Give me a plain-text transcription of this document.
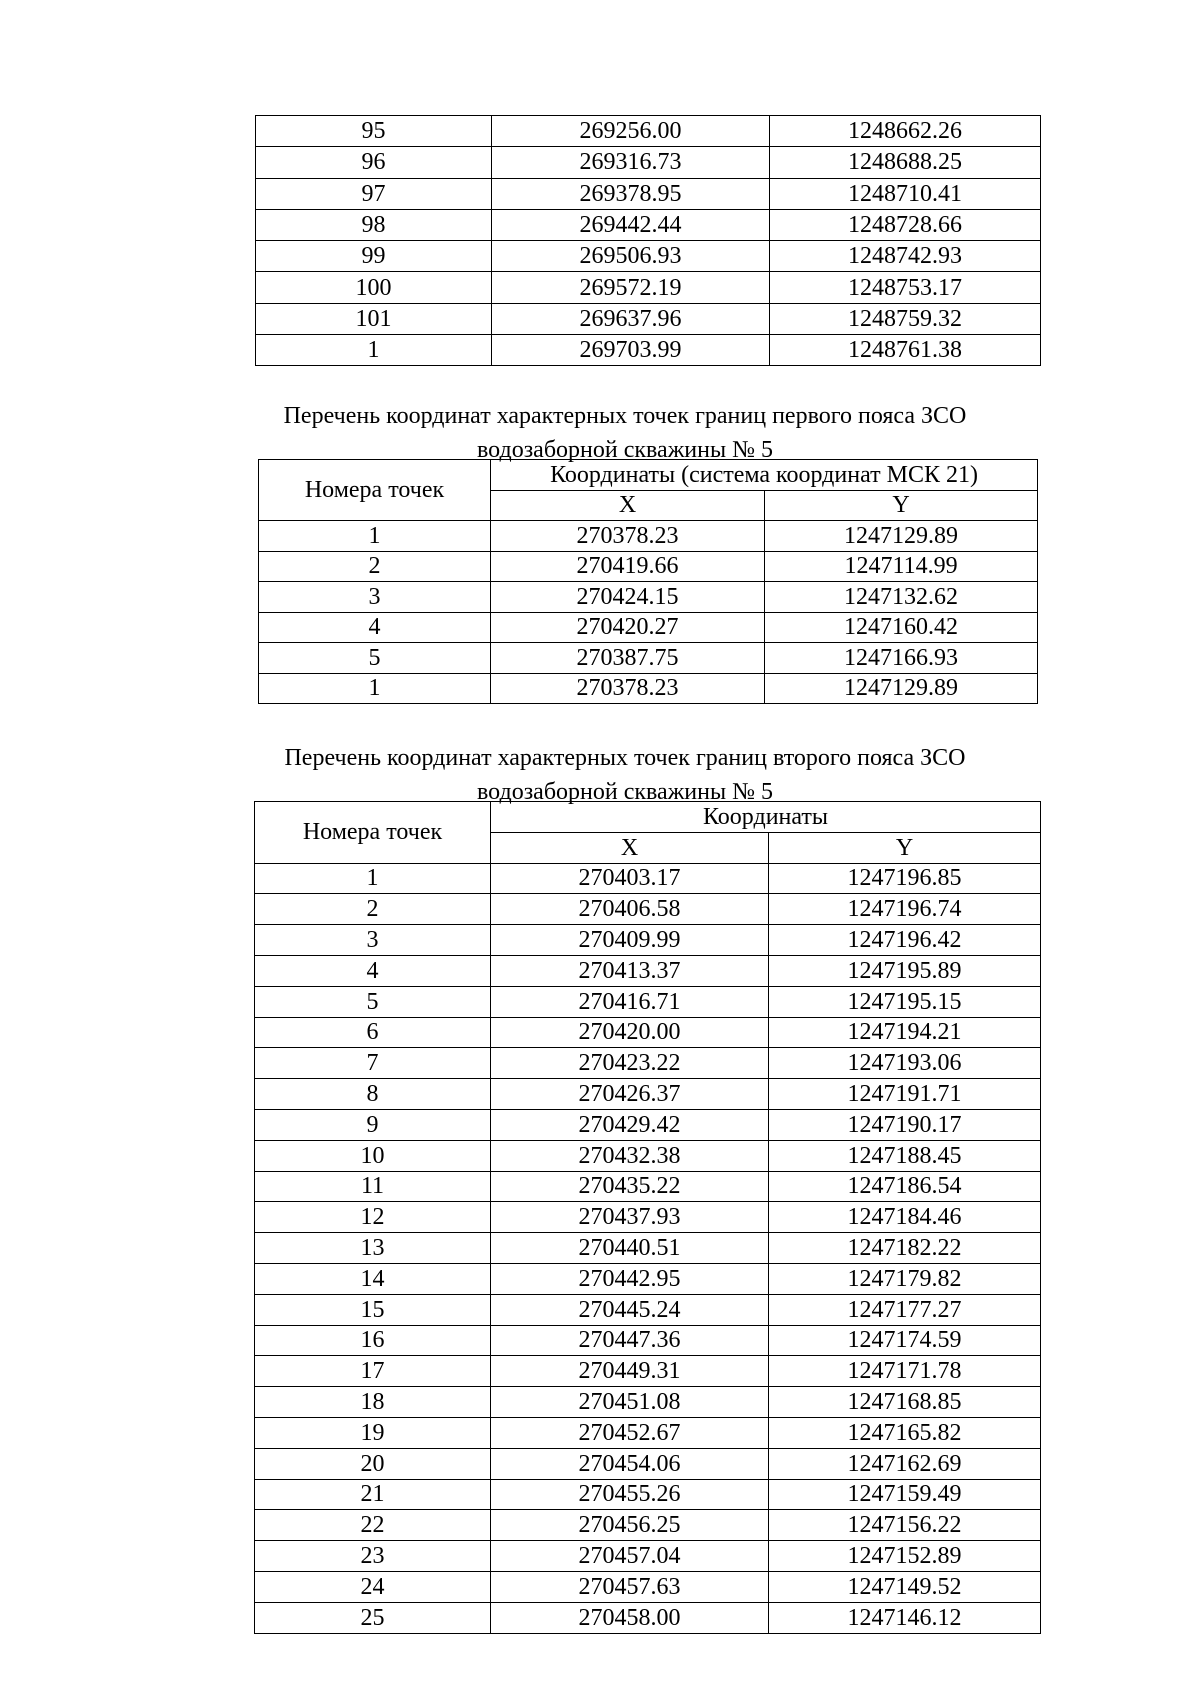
95	269256.00	1248662.26
96	269316.73	1248688.25
97	269378.95	1248710.41
98	269442.44	1248728.66
99	269506.93	1248742.93
100	269572.19	1248753.17
101	269637.96	1248759.32
1	269703.99	1248761.38
Перечень координат характерных точек границ первого пояса ЗСО
водозаборной скважины № 5
Номера точек	Координаты (система координат МСК 21)	
	X	Y
1	270378.23	1247129.89
2	270419.66	1247114.99
3	270424.15	1247132.62
4	270420.27	1247160.42
5	270387.75	1247166.93
1	270378.23	1247129.89
Перечень координат характерных точек границ второго пояса ЗСО
водозаборной скважины № 5
Номера точек	Координаты	
	X	Y
1	270403.17	1247196.85
2	270406.58	1247196.74
3	270409.99	1247196.42
4	270413.37	1247195.89
5	270416.71	1247195.15
6	270420.00	1247194.21
7	270423.22	1247193.06
8	270426.37	1247191.71
9	270429.42	1247190.17
10	270432.38	1247188.45
11	270435.22	1247186.54
12	270437.93	1247184.46
13	270440.51	1247182.22
14	270442.95	1247179.82
15	270445.24	1247177.27
16	270447.36	1247174.59
17	270449.31	1247171.78
18	270451.08	1247168.85
19	270452.67	1247165.82
20	270454.06	1247162.69
21	270455.26	1247159.49
22	270456.25	1247156.22
23	270457.04	1247152.89
24	270457.63	1247149.52
25	270458.00	1247146.12
